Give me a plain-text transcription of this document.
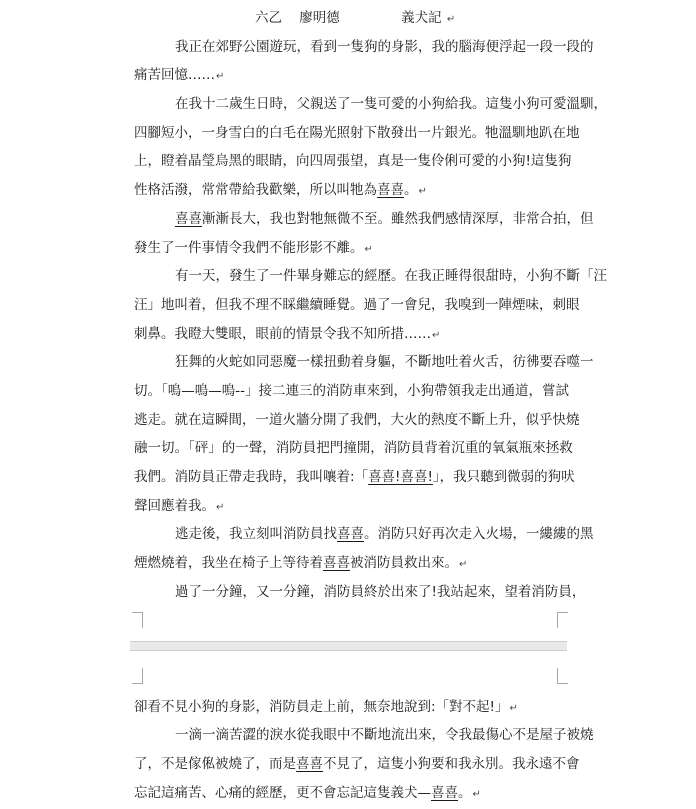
六乙 廖明德	義犬記 ↵
我正在郊野公園遊玩，看到一隻狗的身影，我的腦海便浮起一段一段的
痛苦回憶……↵
在我十二歲生日時，父親送了一隻可愛的小狗給我。這隻小狗可愛溫馴，
四腳短小，一身雪白的白毛在陽光照射下散發出一片銀光。牠溫馴地趴在地
上，瞪着晶瑩烏黑的眼睛，向四周張望，真是一隻伶俐可愛的小狗!這隻狗
性格活潑，常常帶給我歡樂，所以叫牠為喜喜。↵
喜喜漸漸長大，我也對牠無微不至。雖然我們感情深厚，非常合拍，但
發生了一件事情令我們不能形影不離。↵
有一天，發生了一件畢身難忘的經歷。在我正睡得很甜時，小狗不斷「汪
汪」地叫着，但我不理不睬繼續睡覺。過了一會兒，我嗅到一陣煙味，刺眼
刺鼻。我瞪大雙眼，眼前的情景令我不知所措……↵
狂舞的火蛇如同惡魔一樣扭動着身軀，不斷地吐着火舌，彷彿要吞噬一
切。「嗚—嗚—嗚--」接二連三的消防車來到，小狗帶領我走出通道，嘗試
逃走。就在這瞬間，一道火牆分開了我們，大火的熱度不斷上升，似乎快燒
融一切。「砰」的一聲，消防員把門撞開，消防員背着沉重的氧氣瓶來拯救
我們。消防員正帶走我時，我叫嚷着:「喜喜!喜喜!」，我只聽到微弱的狗吠
聲回應着我。↵
逃走後，我立刻叫消防員找喜喜。消防只好再次走入火場，一縷縷的黑
煙燃燒着，我坐在椅子上等待着喜喜被消防員救出來。↵
過了一分鐘，又一分鐘，消防員終於出來了!我站起來，望着消防員，
卻看不見小狗的身影，消防員走上前，無奈地說到:「對不起!」↵
一滴一滴苦澀的淚水從我眼中不斷地流出來，令我最傷心不是屋子被燒
了，不是傢俬被燒了，而是喜喜不見了，這隻小狗要和我永別。我永遠不會
忘記這痛苦、心痛的經歷，更不會忘記這隻義犬—喜喜。↵
